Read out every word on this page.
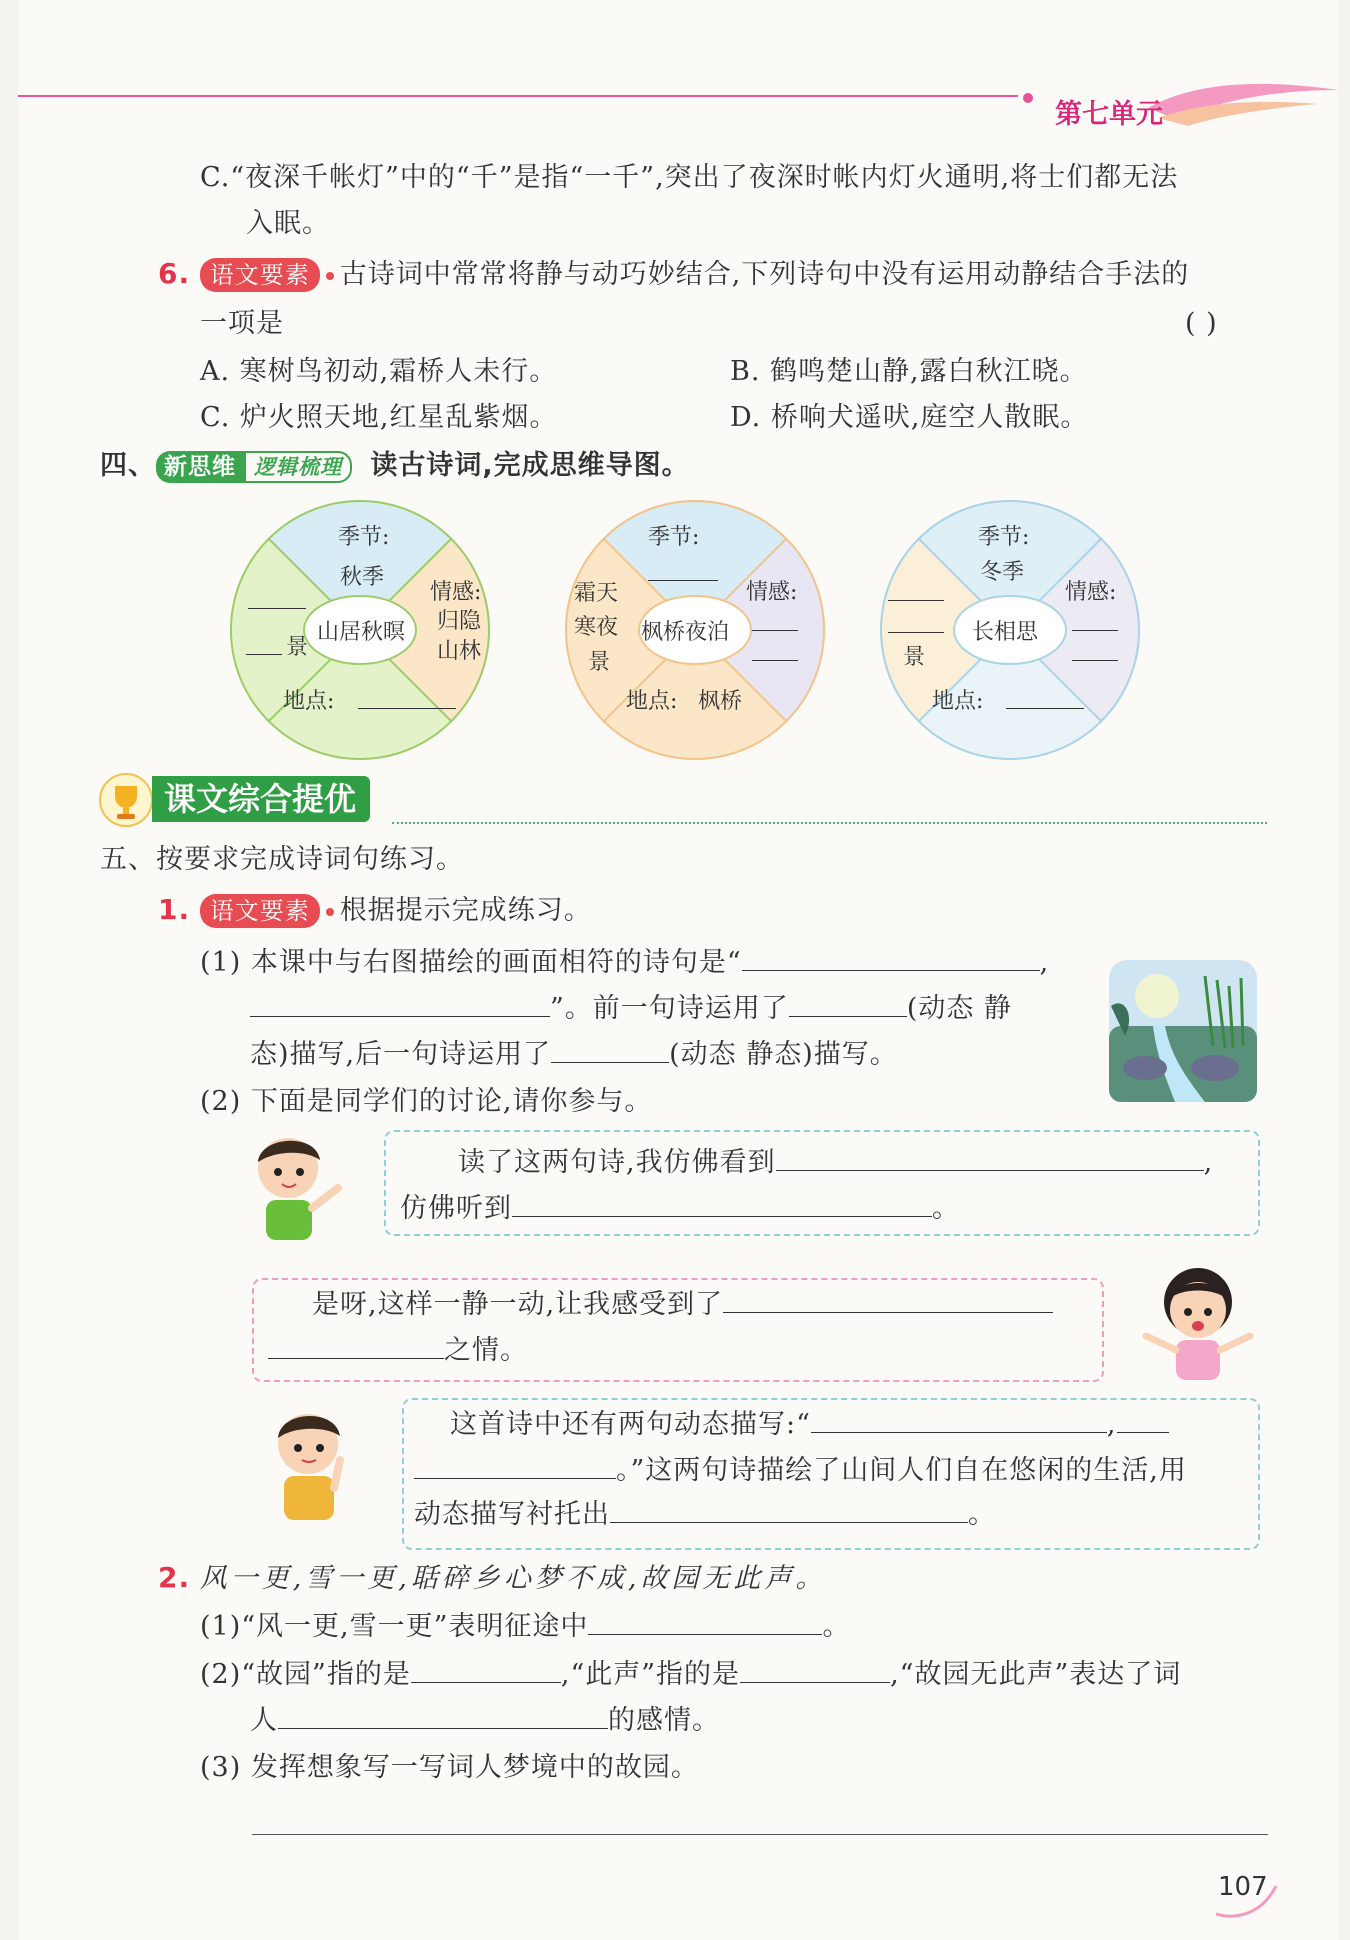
第七单元
C.“夜深千帐灯”中的“千”是指“一千”,突出了夜深时帐内灯火通明,将士们都无法
入眠。
6. 语文要素 古诗词中常常将静与动巧妙结合,下列诗句中没有运用动静结合手法的
一项是	( )
A. 寒树鸟初动,霜桥人未行。	B. 鹤鸣楚山静,露白秋江晓。
C. 炉火照天地,红星乱紫烟。	D. 桥响犬遥吠,庭空人散眠。
四、 新思维 逻辑梳理 读古诗词,完成思维导图。
季节:
秋季
山居秋暝
情感:
归隐
山林
景
地点:
季节:
霜天
寒夜
景
枫桥夜泊
情感:
地点: 枫桥
季节:
冬季
长相思
情感:
景
地点:
课文综合提优
五、按要求完成诗词句练习。
1. 语文要素 根据提示完成练习。
(1) 本课中与右图描绘的画面相符的诗句是“	,
”。前一句诗运用了	(动态 静
态)描写,后一句诗运用了	(动态 静态)描写。
(2) 下面是同学们的讨论,请你参与。
读了这两句诗,我仿佛看到	,
仿佛听到	。
是呀,这样一静一动,让我感受到了
之情。
这首诗中还有两句动态描写:“	,
。”这两句诗描绘了山间人们自在悠闲的生活,用
动态描写衬托出	。
2. 风一更,雪一更,聒碎乡心梦不成,故园无此声。
(1)“风一更,雪一更”表明征途中	。
(2)“故园”指的是	,“此声”指的是	,“故园无此声”表达了词
人	的感情。
(3) 发挥想象写一写词人梦境中的故园。
107
